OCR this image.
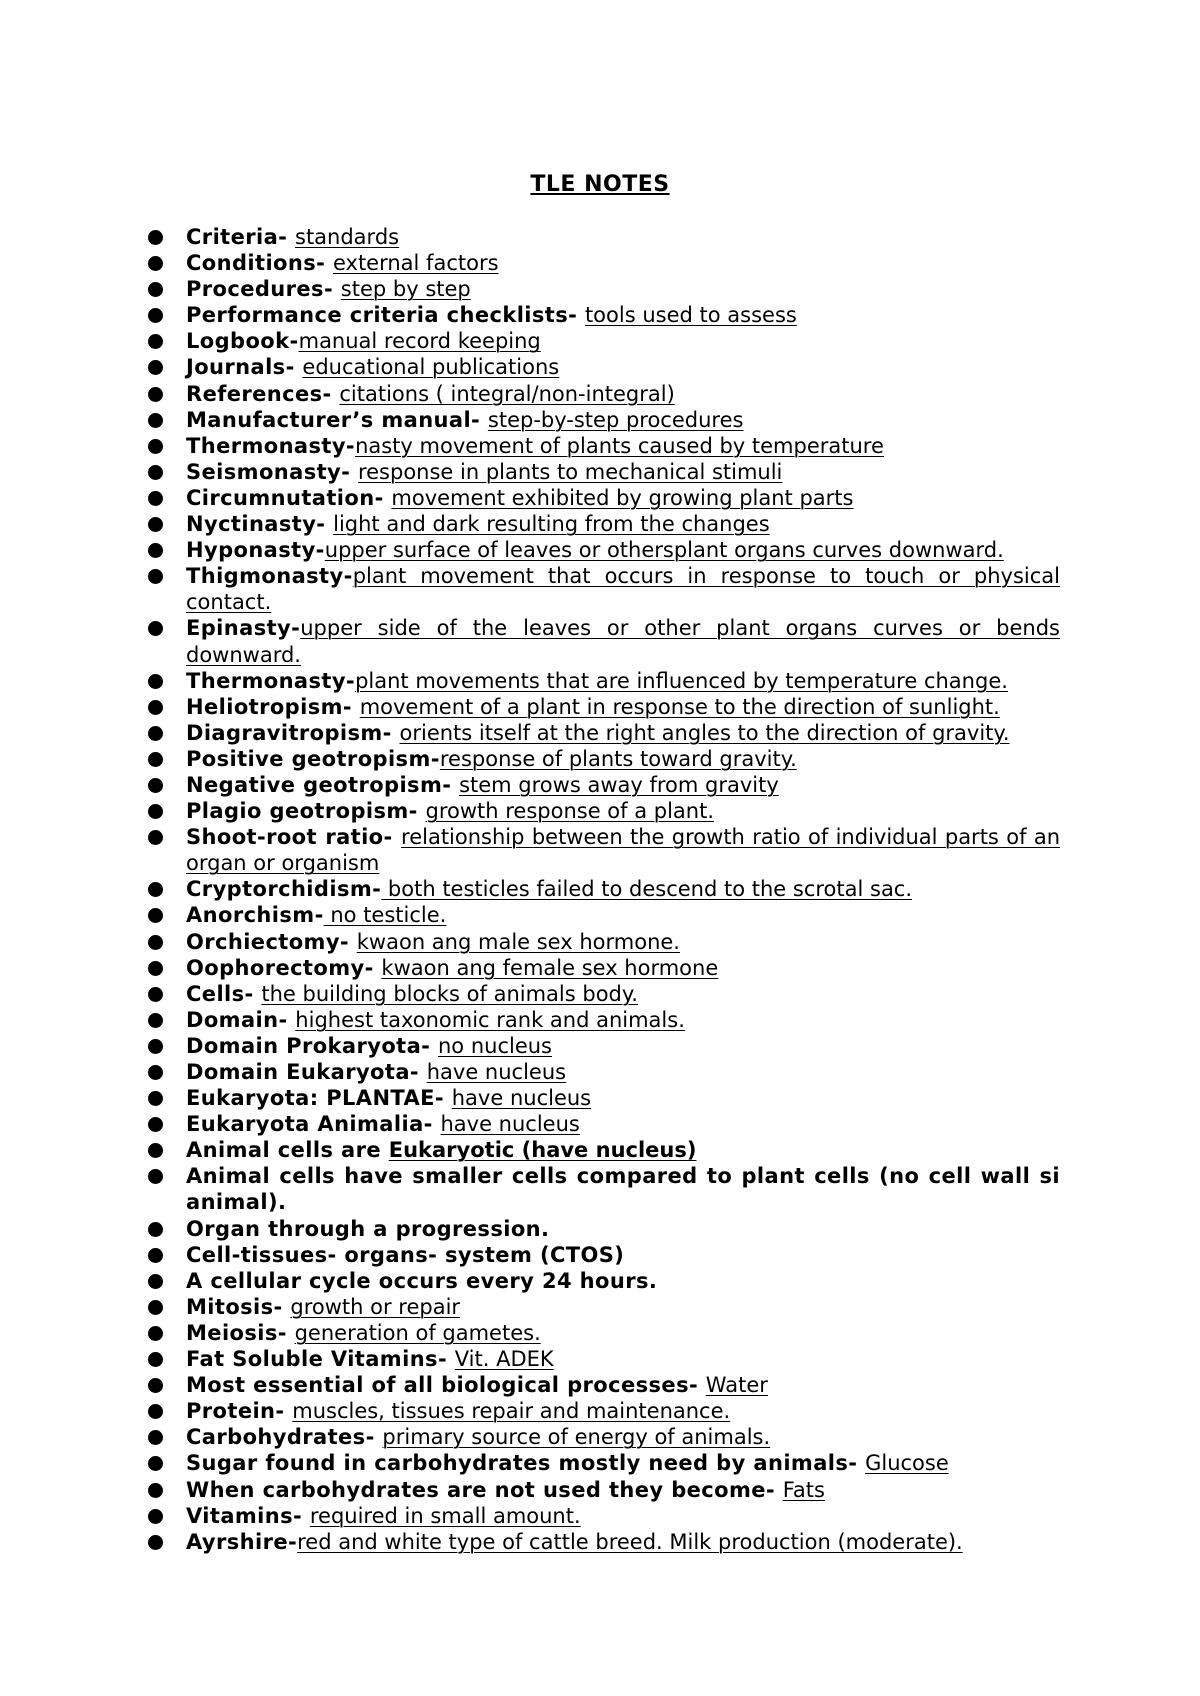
TLE NOTES
Criteria- standards
Conditions- external factors
Procedures- step by step
Performance criteria checklists- tools used to assess
Logbook-manual record keeping
Journals- educational publications
References- citations ( integral/non-integral)
Manufacturer’s manual- step-by-step procedures
Thermonasty-nasty movement of plants caused by temperature
Seismonasty- response in plants to mechanical stimuli
Circumnutation- movement exhibited by growing plant parts
Nyctinasty- light and dark resulting from the changes
Hyponasty-upper surface of leaves or othersplant organs curves downward.
Thigmonasty-plant movement that occurs in response to touch or physical contact.
Epinasty-upper side of the leaves or other plant organs curves or bends downward.
Thermonasty-plant movements that are influenced by temperature change.
Heliotropism- movement of a plant in response to the direction of sunlight.
Diagravitropism- orients itself at the right angles to the direction of gravity.
Positive geotropism-response of plants toward gravity.
Negative geotropism- stem grows away from gravity
Plagio geotropism- growth response of a plant.
Shoot-root ratio- relationship between the growth ratio of individual parts of an organ or organism
Cryptorchidism- both testicles failed to descend to the scrotal sac.
Anorchism- no testicle.
Orchiectomy- kwaon ang male sex hormone.
Oophorectomy- kwaon ang female sex hormone
Cells- the building blocks of animals body.
Domain- highest taxonomic rank and animals.
Domain Prokaryota- no nucleus
Domain Eukaryota- have nucleus
Eukaryota: PLANTAE- have nucleus
Eukaryota Animalia- have nucleus
Animal cells are Eukaryotic (have nucleus)
Animal cells have smaller cells compared to plant cells (no cell wall si animal).
Organ through a progression.
Cell-tissues- organs- system (CTOS)
A cellular cycle occurs every 24 hours.
Mitosis- growth or repair
Meiosis- generation of gametes.
Fat Soluble Vitamins- Vit. ADEK
Most essential of all biological processes- Water
Protein- muscles, tissues repair and maintenance.
Carbohydrates- primary source of energy of animals.
Sugar found in carbohydrates mostly need by animals- Glucose
When carbohydrates are not used they become- Fats
Vitamins- required in small amount.
Ayrshire-red and white type of cattle breed. Milk production (moderate).
